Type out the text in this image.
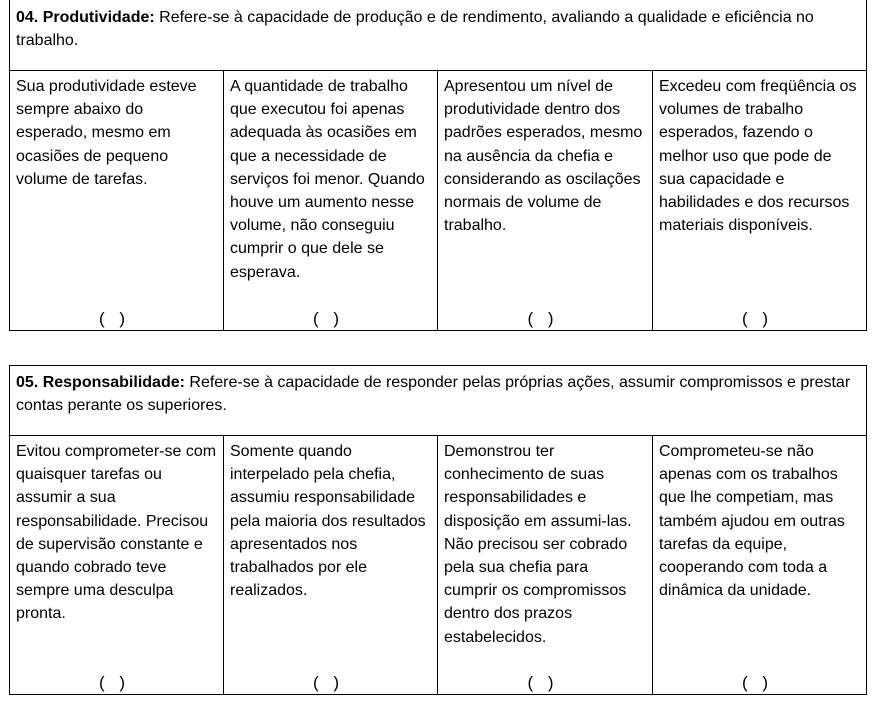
04. Produtividade: Refere-se à capacidade de produção e de rendimento, avaliando a qualidade e eficiência no trabalho.
Sua produtividade esteve
sempre abaixo do
esperado, mesmo em
ocasiões de pequeno
volume de tarefas.
( )
A quantidade de trabalho
que executou foi apenas
adequada às ocasiões em
que a necessidade de
serviços foi menor. Quando
houve um aumento nesse
volume, não conseguiu
cumprir o que dele se
esperava.
( )
Apresentou um nível de
produtividade dentro dos
padrões esperados, mesmo
na ausência da chefia e
considerando as oscilações
normais de volume de
trabalho.
( )
Excedeu com freqüência os
volumes de trabalho
esperados, fazendo o
melhor uso que pode de
sua capacidade e
habilidades e dos recursos
materiais disponíveis.
( )
05. Responsabilidade: Refere-se à capacidade de responder pelas próprias ações, assumir compromissos e prestar contas perante os superiores.
Evitou comprometer-se com
quaisquer tarefas ou
assumir a sua
responsabilidade. Precisou
de supervisão constante e
quando cobrado teve
sempre uma desculpa
pronta.
( )
Somente quando
interpelado pela chefia,
assumiu responsabilidade
pela maioria dos resultados
apresentados nos
trabalhados por ele
realizados.
( )
Demonstrou ter
conhecimento de suas
responsabilidades e
disposição em assumi-las.
Não precisou ser cobrado
pela sua chefia para
cumprir os compromissos
dentro dos prazos
estabelecidos.
( )
Comprometeu-se não
apenas com os trabalhos
que lhe competiam, mas
também ajudou em outras
tarefas da equipe,
cooperando com toda a
dinâmica da unidade.
( )
